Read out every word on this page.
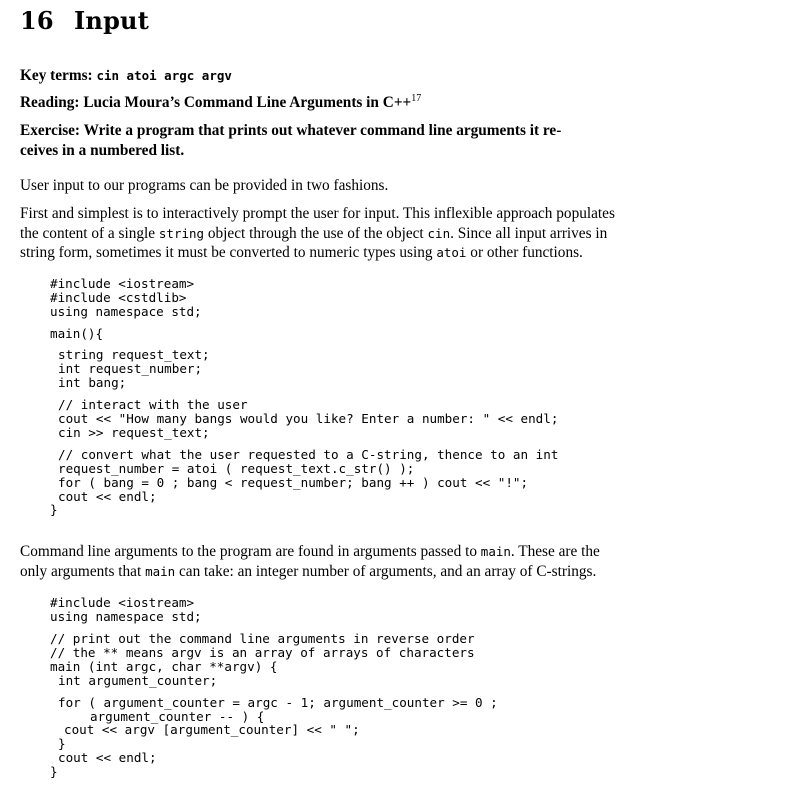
16 Input
Key terms: cin atoi argc argv
Reading: Lucia Moura’s Command Line Arguments in C++$^{17}$
Exercise: Write a program that prints out whatever command line arguments it re-
ceives in a numbered list.
User input to our programs can be provided in two fashions.
First and simplest is to interactively prompt the user for input. This inflexible approach populates
the content of a single string object through the use of the object cin. Since all input arrives in
string form, sometimes it must be converted to numeric types using atoi or other functions.
#include <iostream>
#include <cstdlib>
using namespace std;
main(){
string request_text;
int request_number;
int bang;
// interact with the user
cout << "How many bangs would you like? Enter a number: " << endl;
cin >> request_text;
// convert what the user requested to a C-string, thence to an int
request_number = atoi ( request_text.c_str() );
for ( bang = 0 ; bang < request_number; bang ++ ) cout << "!";
cout << endl;
}
Command line arguments to the program are found in arguments passed to main. These are the
only arguments that main can take: an integer number of arguments, and an array of C-strings.
#include <iostream>
using namespace std;
// print out the command line arguments in reverse order
// the ** means argv is an array of arrays of characters
main (int argc, char **argv) {
int argument_counter;
for ( argument_counter = argc - 1; argument_counter >= 0 ;
argument_counter -- ) {
cout << argv [argument_counter] << " ";
}
cout << endl;
}
